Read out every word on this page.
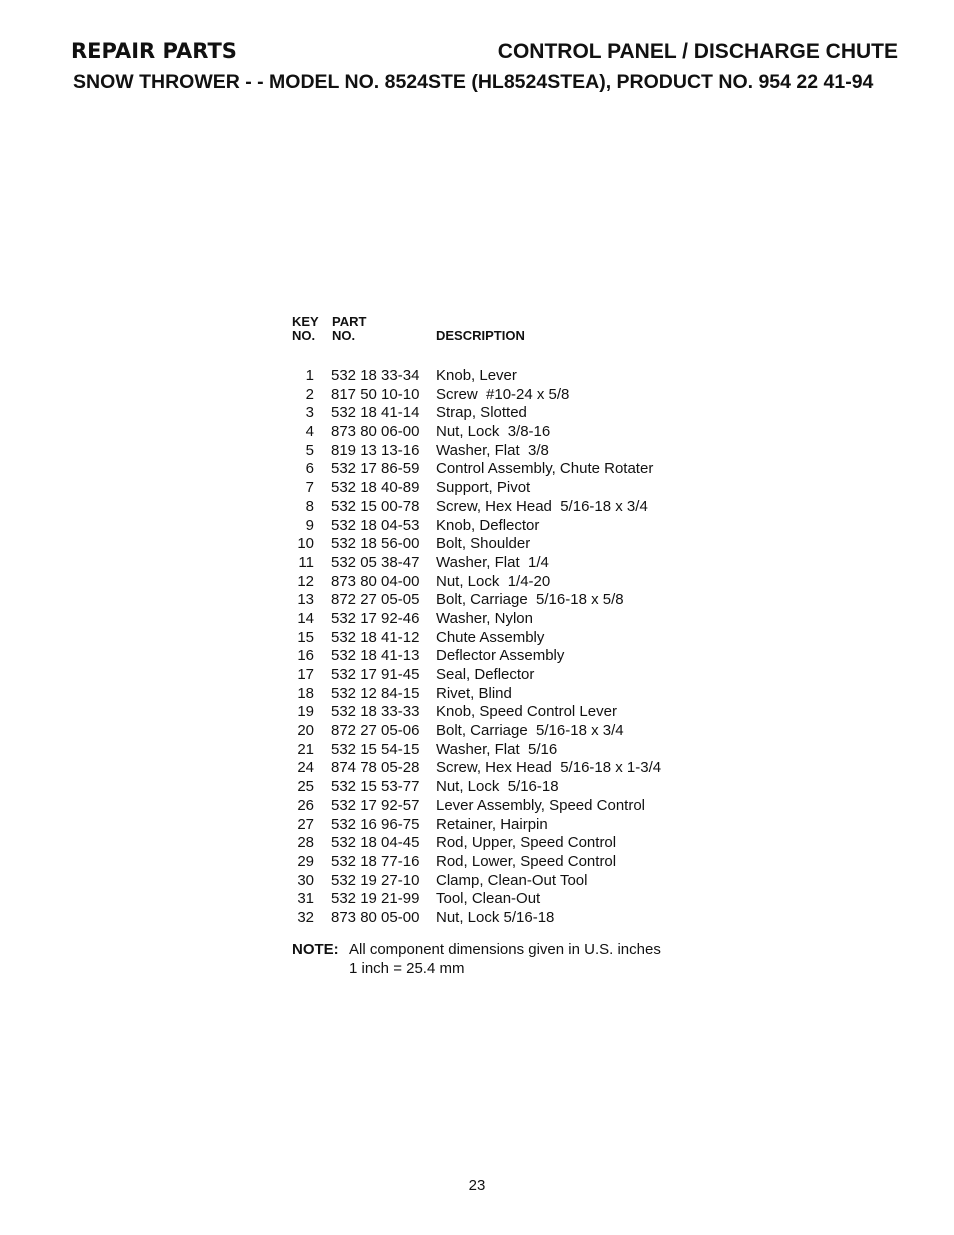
REPAIR PARTS	CONTROL PANEL / DISCHARGE CHUTE
SNOW THROWER - - MODEL NO. 8524STE (HL8524STEA), PRODUCT NO. 954 22 41-94
KEY
NO.
PART
NO.	DESCRIPTION
1 532 18 33-34 Knob, Lever
2 817 50 10-10 Screw  #10-24 x 5/8
3 532 18 41-14 Strap, Slotted
4 873 80 06-00 Nut, Lock  3/8-16
5 819 13 13-16 Washer, Flat  3/8
6 532 17 86-59 Control Assembly, Chute Rotater
7 532 18 40-89 Support, Pivot
8 532 15 00-78 Screw, Hex Head  5/16-18 x 3/4
9 532 18 04-53 Knob, Deflector
10 532 18 56-00 Bolt, Shoulder
11 532 05 38-47 Washer, Flat  1/4
12 873 80 04-00 Nut, Lock  1/4-20
13 872 27 05-05 Bolt, Carriage  5/16-18 x 5/8
14 532 17 92-46 Washer, Nylon
15 532 18 41-12 Chute Assembly
16 532 18 41-13 Deflector Assembly
17 532 17 91-45 Seal, Deflector
18 532 12 84-15 Rivet, Blind
19 532 18 33-33 Knob, Speed Control Lever
20 872 27 05-06 Bolt, Carriage  5/16-18 x 3/4
21 532 15 54-15 Washer, Flat  5/16
24 874 78 05-28 Screw, Hex Head  5/16-18 x 1-3/4
25 532 15 53-77 Nut, Lock  5/16-18
26 532 17 92-57 Lever Assembly, Speed Control
27 532 16 96-75 Retainer, Hairpin
28 532 18 04-45 Rod, Upper, Speed Control
29 532 18 77-16 Rod, Lower, Speed Control
30 532 19 27-10 Clamp, Clean-Out Tool
31 532 19 21-99 Tool, Clean-Out
32 873 80 05-00 Nut, Lock 5/16-18
NOTE: All component dimensions given in U.S. inches
1 inch = 25.4 mm
23
